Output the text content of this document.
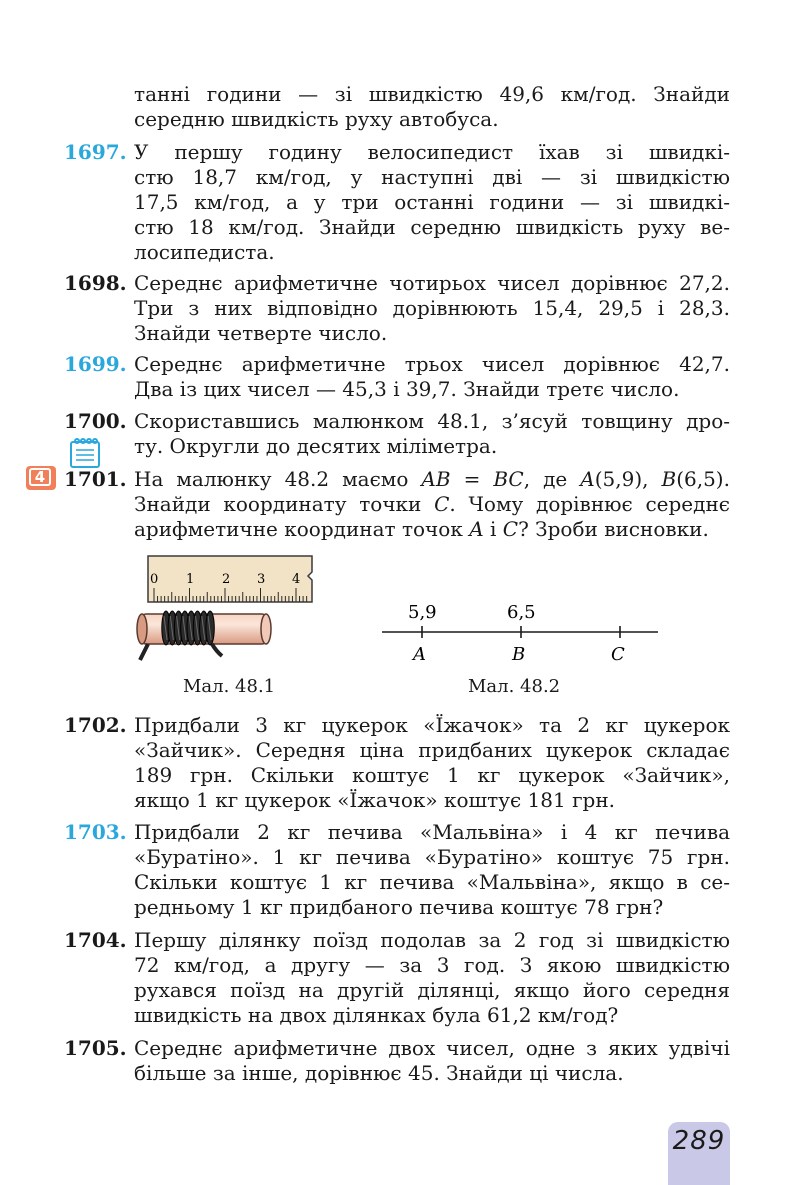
танні години — зі швидкістю 49,6 км/год. Знайди
середню швидкість руху автобуса.
1697. У першу годину велосипедист їхав зі швидкі-
стю 18,7 км/год, у наступні дві — зі швидкістю
17,5 км/год, а у три останні години — зі швидкі-
стю 18 км/год. Знайди середню швидкість руху ве-
лосипедиста.
1698. Середнє арифметичне чотирьох чисел дорівнює 27,2.
Три з них відповідно дорівнюють 15,4, 29,5 і 28,3.
Знайди четверте число.
1699. Середнє арифметичне трьох чисел дорівнює 42,7.
Два із цих чисел — 45,3 і 39,7. Знайди третє число.
1700. Скориставшись малюнком 48.1, з’ясуй товщину дро-
ту. Округли до десятих міліметра.
4 1701. На малюнку 48.2 маємо AB = BC, де A(5,9), B(6,5).
Знайди координату точки C. Чому дорівнює середнє
арифметичне координат точок A і C? Зроби висновки.
0 1 2 3 4
Мал. 48.1
5,9	6,5
A	B	C
Мал. 48.2
1702. Придбали 3 кг цукерок «Їжачок» та 2 кг цукерок
«Зайчик». Середня ціна придбаних цукерок складає
189 грн. Скільки коштує 1 кг цукерок «Зайчик»,
якщо 1 кг цукерок «Їжачок» коштує 181 грн.
1703. Придбали 2 кг печива «Мальвіна» і 4 кг печива
«Буратіно». 1 кг печива «Буратіно» коштує 75 грн.
Скільки коштує 1 кг печива «Мальвіна», якщо в се-
редньому 1 кг придбаного печива коштує 78 грн?
1704. Першу ділянку поїзд подолав за 2 год зі швидкістю
72 км/год, а другу — за 3 год. З якою швидкістю
рухався поїзд на другій ділянці, якщо його середня
швидкість на двох ділянках була 61,2 км/год?
1705. Середнє арифметичне двох чисел, одне з яких удвічі
більше за інше, дорівнює 45. Знайди ці числа.
289
